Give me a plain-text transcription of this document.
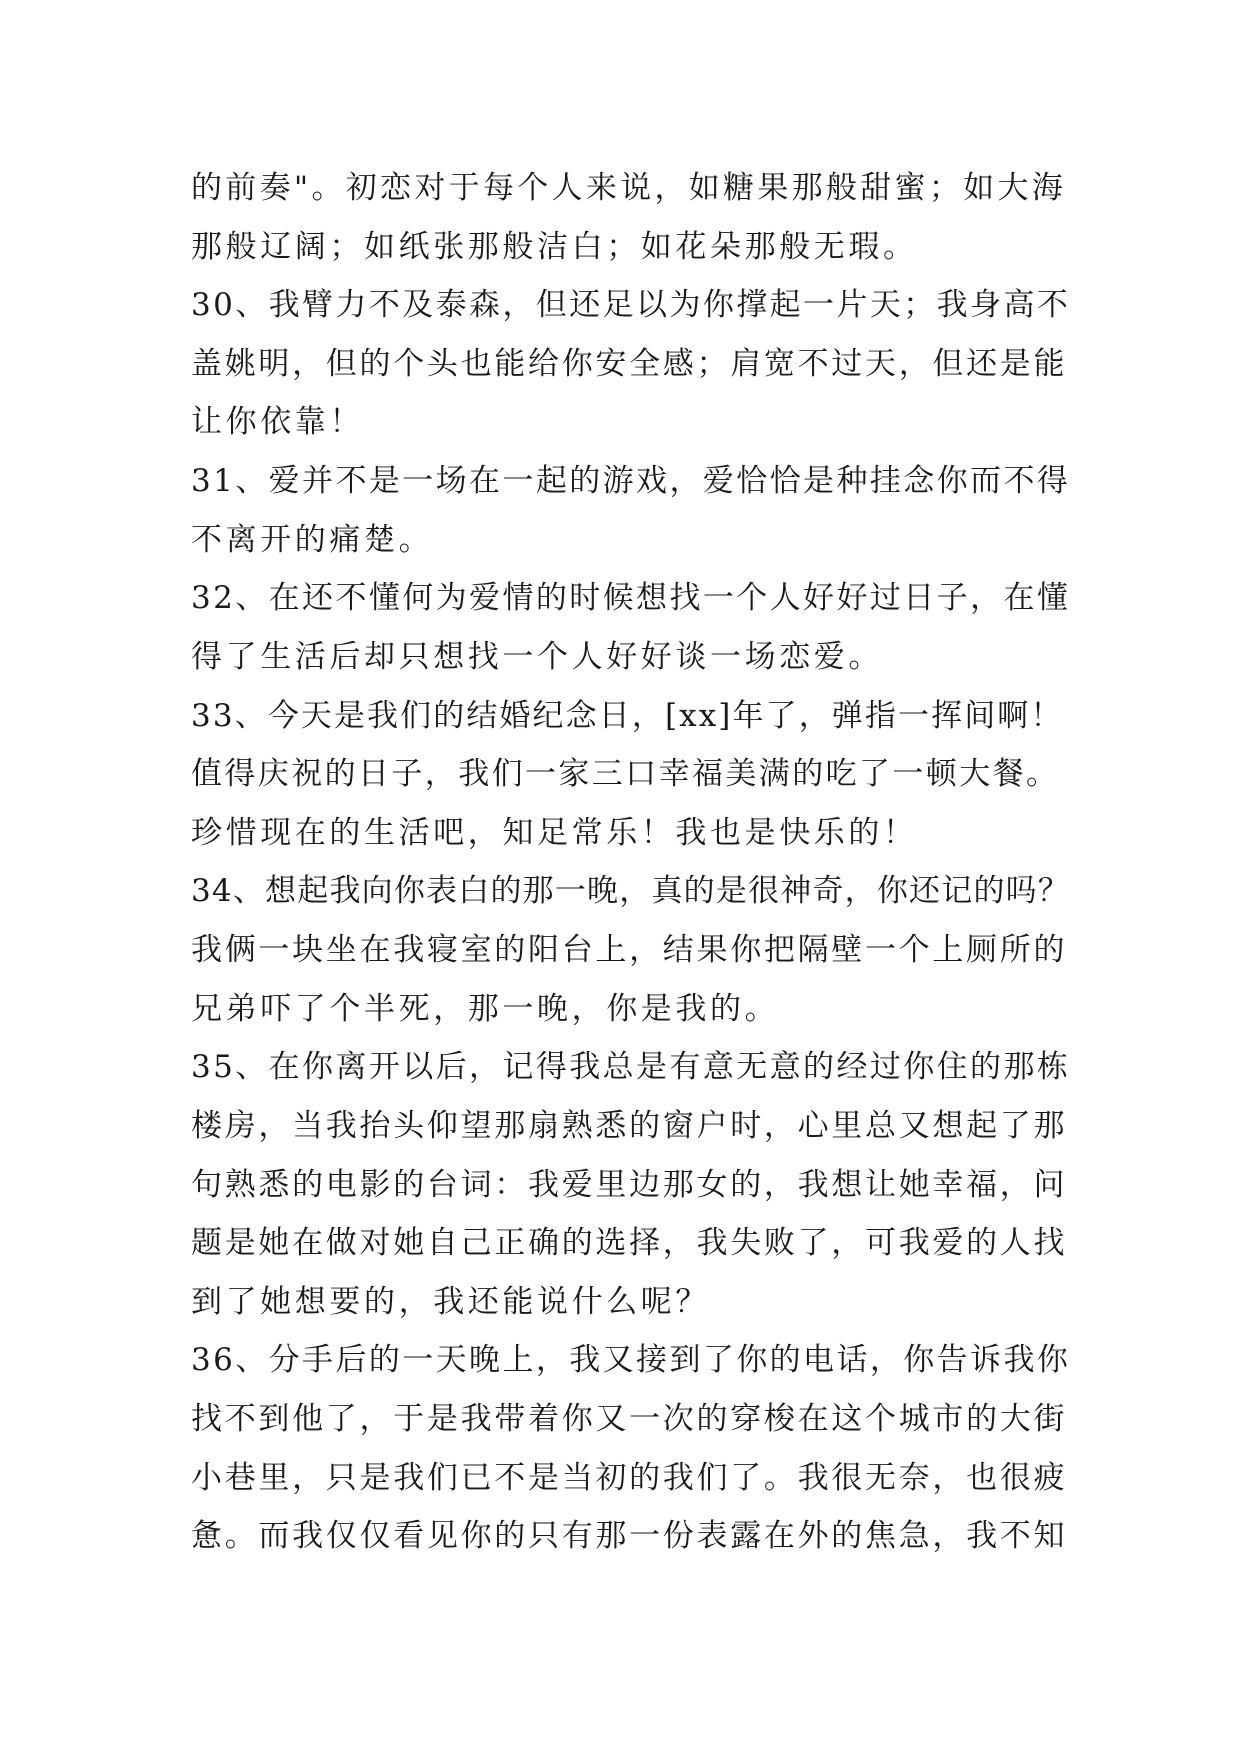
的前奏"。初恋对于每个人来说，如糖果那般甜蜜；如大海
那般辽阔；如纸张那般洁白；如花朵那般无瑕。
30、我臂力不及泰森，但还足以为你撑起一片天；我身高不
盖姚明，但的个头也能给你安全感；肩宽不过天，但还是能
让你依靠！
31、爱并不是一场在一起的游戏，爱恰恰是种挂念你而不得
不离开的痛楚。
32、在还不懂何为爱情的时候想找一个人好好过日子，在懂
得了生活后却只想找一个人好好谈一场恋爱。
33、今天是我们的结婚纪念日，[xx]年了，弹指一挥间啊！
值得庆祝的日子，我们一家三口幸福美满的吃了一顿大餐。
珍惜现在的生活吧，知足常乐！我也是快乐的！
34、想起我向你表白的那一晚，真的是很神奇，你还记的吗？
我俩一块坐在我寝室的阳台上，结果你把隔壁一个上厕所的
兄弟吓了个半死，那一晚，你是我的。
35、在你离开以后，记得我总是有意无意的经过你住的那栋
楼房，当我抬头仰望那扇熟悉的窗户时，心里总又想起了那
句熟悉的电影的台词：我爱里边那女的，我想让她幸福，问
题是她在做对她自己正确的选择，我失败了，可我爱的人找
到了她想要的，我还能说什么呢？
36、分手后的一天晚上，我又接到了你的电话，你告诉我你
找不到他了，于是我带着你又一次的穿梭在这个城市的大街
小巷里，只是我们已不是当初的我们了。我很无奈，也很疲
惫。而我仅仅看见你的只有那一份表露在外的焦急，我不知
